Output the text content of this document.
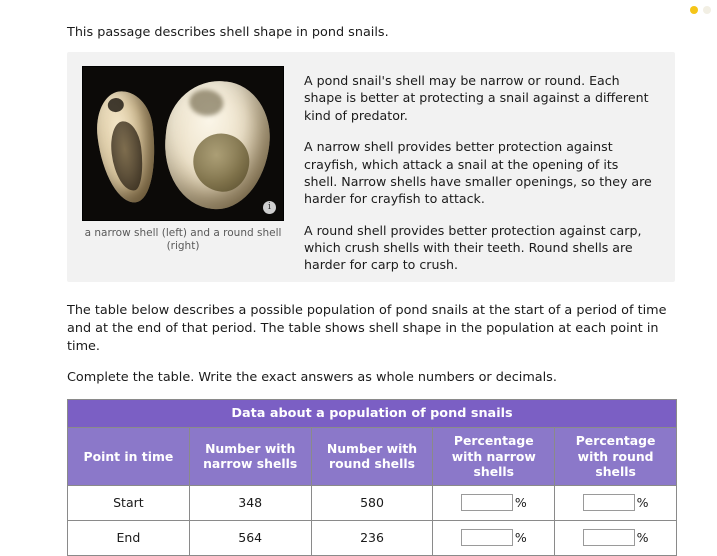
This passage describes shell shape in pond snails.
i
a narrow shell (left) and a round shell (right)

A pond snail's shell may be narrow or round. Each shape is better at protecting a snail against a different kind of predator.

A narrow shell provides better protection against crayfish, which attack a snail at the opening of its shell. Narrow shells have smaller openings, so they are harder for crayfish to attack.

A round shell provides better protection against carp, which crush shells with their teeth. Round shells are harder for carp to crush.

The table below describes a possible population of pond snails at the start of a period of time and at the end of that period. The table shows shell shape in the population at each point in time.
Complete the table. Write the exact answers as whole numbers or decimals.
Data about a population of pond snails				
Point in time	Number with narrow shells	Number with round shells	Percentage with narrow shells	Percentage with round shells
Start	348	580	%	%

End	564	236	%	%
